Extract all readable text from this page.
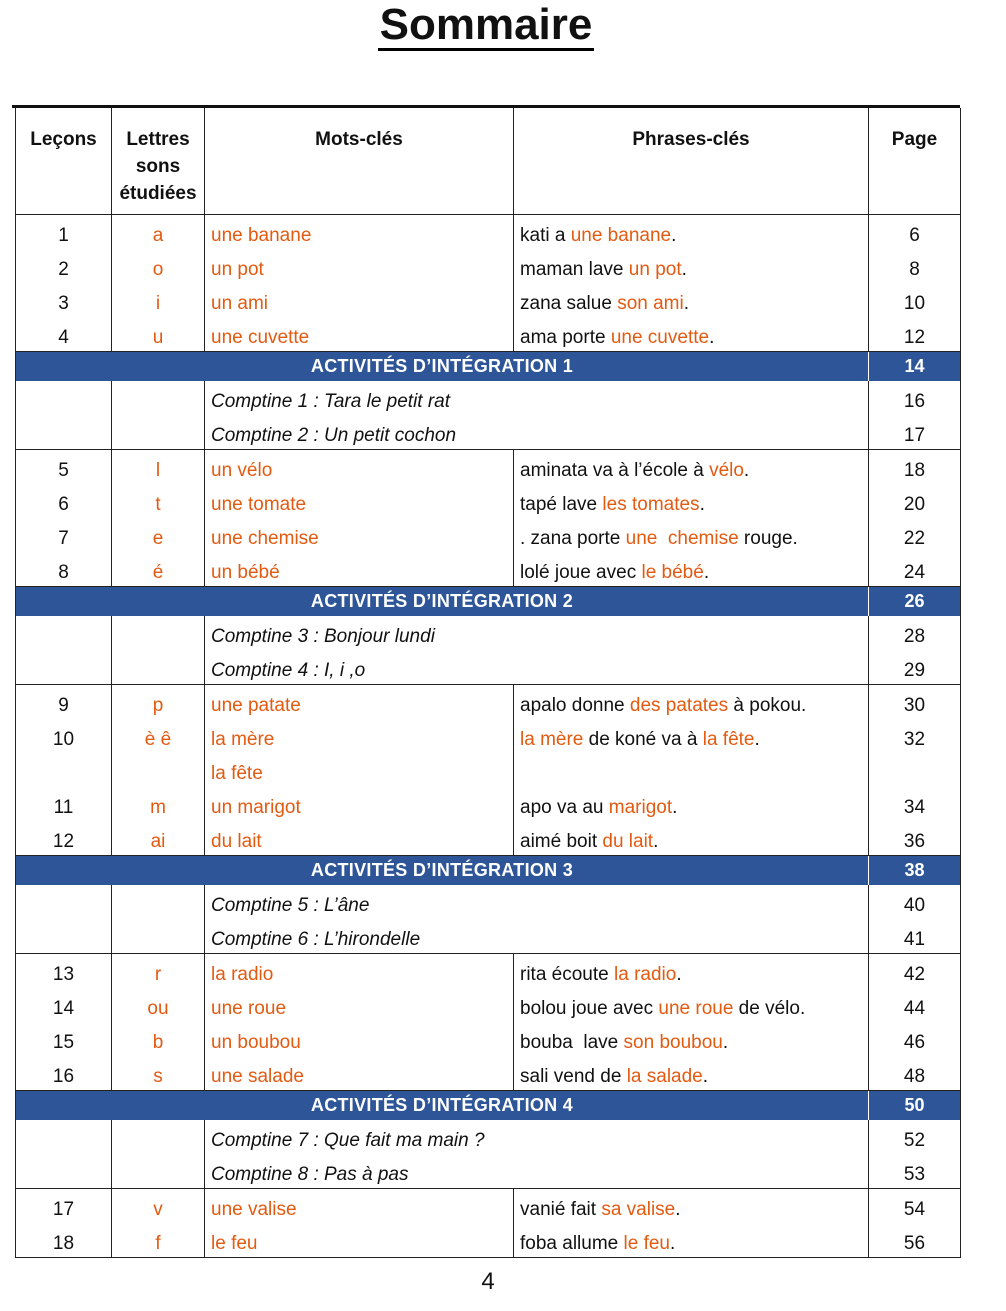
Sommaire
Leçons	Lettres sons étudiées	Mots-clés	Phrases-clés	Page
1	a	une banane	kati a une banane.	6
2	o	un pot	maman lave un pot.	8
3	i	un ami	zana salue son ami.	10
4	u	une cuvette	ama porte une cuvette.	12
ACTIVITÉS D’INTÉGRATION 1				14
		Comptine 1 : Tara le petit rat		16
		Comptine 2 : Un petit cochon		17
5	l	un vélo	aminata va à l’école à vélo.	18
6	t	une tomate	tapé lave les tomates.	20
7	e	une chemise	. zana porte une  chemise rouge.	22
8	é	un bébé	lolé joue avec le bébé.	24
ACTIVITÉS D’INTÉGRATION 2				26
		Comptine 3 : Bonjour lundi		28
		Comptine 4 : I, i ,o		29
9	p	une patate	apalo donne des patates à pokou.	30
10	è ê	la mère	la mère de koné va à la fête.	32
		la fête		
11	m	un marigot	apo va au marigot.	34
12	ai	du lait	aimé boit du lait.	36
ACTIVITÉS D’INTÉGRATION 3				38
		Comptine 5 : L’âne		40
		Comptine 6 : L’hirondelle		41
13	r	la radio	rita écoute la radio.	42
14	ou	une roue	bolou joue avec une roue de vélo.	44
15	b	un boubou	bouba  lave son boubou.	46
16	s	une salade	sali vend de la salade.	48
ACTIVITÉS D’INTÉGRATION 4				50
		Comptine 7 : Que fait ma main ?		52
		Comptine 8 : Pas à pas		53
17	v	une valise	vanié fait sa valise.	54
18	f	le feu	foba allume le feu.	56
4
